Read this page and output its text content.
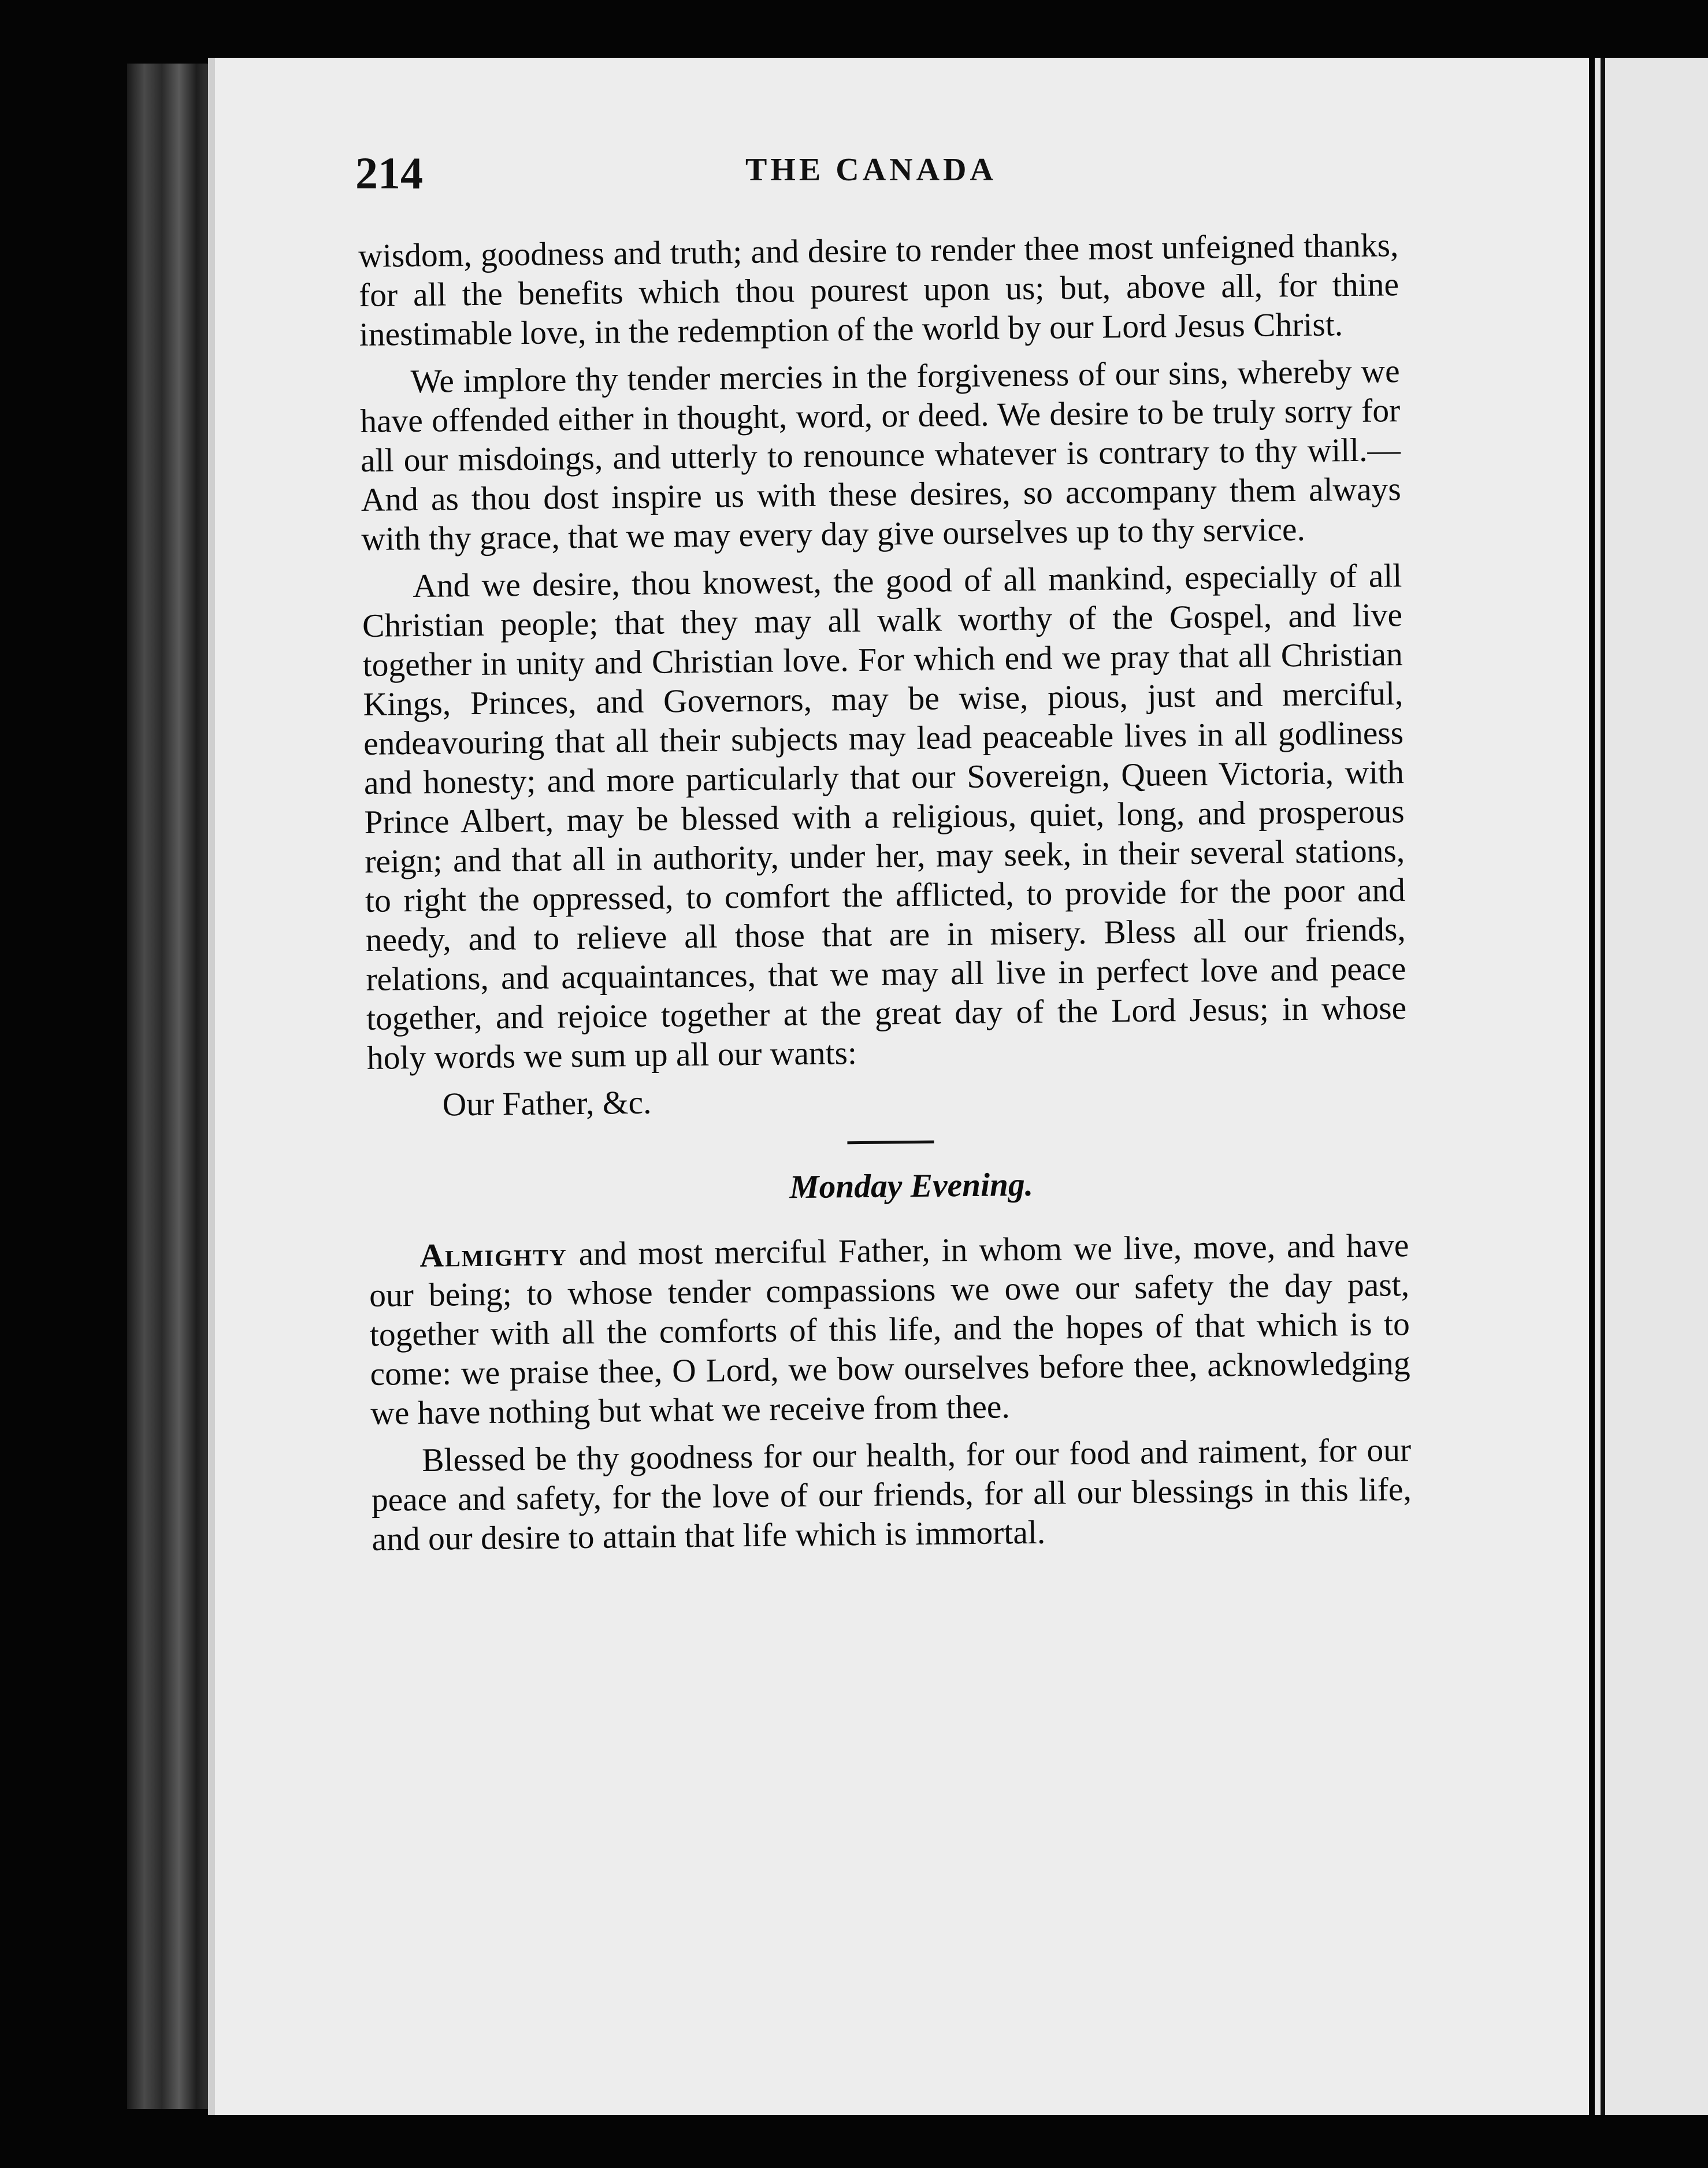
214	THE CANADA

wisdom, goodness and truth; and desire to render thee most unfeigned thanks, for all the benefits which thou pourest upon us; but, above all, for thine inestimable love, in the redemption of the world by our Lord Jesus Christ.

We implore thy tender mercies in the forgiveness of our sins, whereby we have offended either in thought, word, or deed. We desire to be truly sorry for all our misdoings, and utterly to renounce whatever is contrary to thy will.— And as thou dost inspire us with these desires, so accompany them always with thy grace, that we may every day give ourselves up to thy service.

And we desire, thou knowest, the good of all mankind, especially of all Christian people; that they may all walk worthy of the Gospel, and live together in unity and Christian love. For which end we pray that all Christian Kings, Princes, and Governors, may be wise, pious, just and merciful, endeavouring that all their subjects may lead peaceable lives in all godliness and honesty; and more particularly that our Sovereign, Queen Victoria, with Prince Albert, may be blessed with a religious, quiet, long, and prosperous reign; and that all in authority, under her, may seek, in their several stations, to right the oppressed, to comfort the afflicted, to provide for the poor and needy, and to relieve all those that are in misery. Bless all our friends, relations, and acquaintances, that we may all live in perfect love and peace together, and rejoice together at the great day of the Lord Jesus; in whose holy words we sum up all our wants:

Our Father, &c.

Monday Evening.

Almighty and most merciful Father, in whom we live, move, and have our being; to whose tender compassions we owe our safety the day past, together with all the comforts of this life, and the hopes of that which is to come: we praise thee, O Lord, we bow ourselves before thee, acknowledging we have nothing but what we receive from thee.

Blessed be thy goodness for our health, for our food and raiment, for our peace and safety, for the love of our friends, for all our blessings in this life, and our desire to attain that life which is immortal.
